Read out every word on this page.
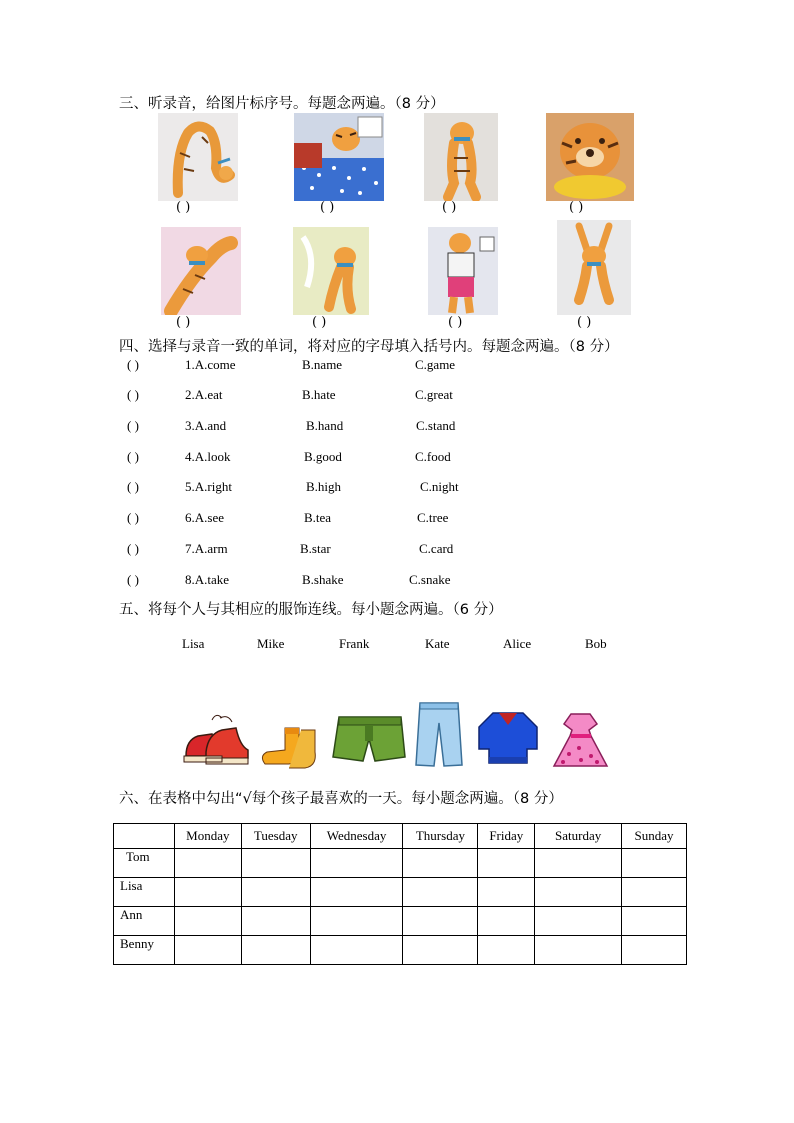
三、听录音，给图片标序号。每题念两遍。（8 分）
( )	( )	( )	( )
( )	( )	( )	( )
四、选择与录音一致的单词，将对应的字母填入括号内。每题念两遍。（8 分）
( )	1.A.come	B.name	C.game
( )	2.A.eat	B.hate	C.great
( )	3.A.and	B.hand	C.stand
( )	4.A.look	B.good	C.food
( )	5.A.right	B.high	C.night
( )	6.A.see	B.tea	C.tree
( )	7.A.arm	B.star	C.card
( )	8.A.take	B.shake	C.snake
五、将每个人与其相应的服饰连线。每小题念两遍。（6 分）
Lisa	Mike	Frank	Kate	Alice	Bob
六、在表格中勾出“√每个孩子最喜欢的一天。每小题念两遍。（8 分）
	Monday	Tuesday	Wednesday	Thursday	Friday	Saturday	Sunday
Tom							
Lisa							
Ann							
Benny							
